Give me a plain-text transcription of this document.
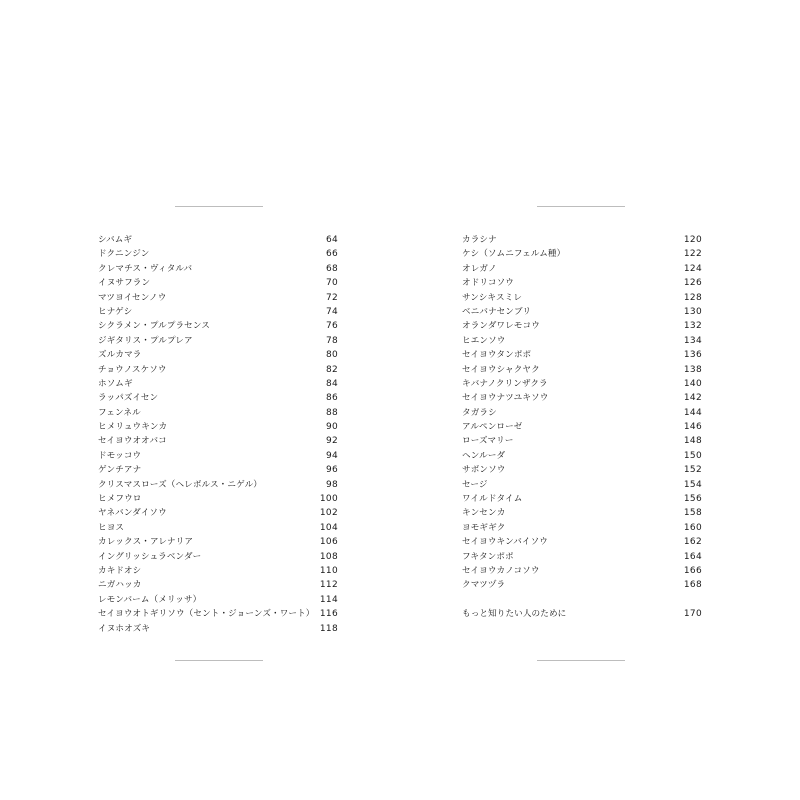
シバムギ	64
ドクニンジン	66
クレマチス・ヴィタルバ	68
イヌサフラン	70
マツヨイセンノウ	72
ヒナゲシ	74
シクラメン・プルプラセンス	76
ジギタリス・プルプレア	78
ズルカマラ	80
チョウノスケソウ	82
ホソムギ	84
ラッパズイセン	86
フェンネル	88
ヒメリュウキンカ	90
セイヨウオオバコ	92
ドモッコウ	94
ゲンチアナ	96
クリスマスローズ（ヘレボルス・ニゲル）	98
ヒメフウロ	100
ヤネバンダイソウ	102
ヒヨス	104
カレックス・アレナリア	106
イングリッシュラベンダー	108
カキドオシ	110
ニガハッカ	112
レモンバーム（メリッサ）	114
セイヨウオトギリソウ（セント・ジョーンズ・ワート） 116
イヌホオズキ	118
カラシナ	120
ケシ（ソムニフェルム種）	122
オレガノ	124
オドリコソウ	126
サンシキスミレ	128
ベニバナセンブリ	130
オランダワレモコウ	132
ヒエンソウ	134
セイヨウタンポポ	136
セイヨウシャクヤク	138
キバナノクリンザクラ	140
セイヨウナツユキソウ	142
タガラシ	144
アルペンローゼ	146
ローズマリー	148
ヘンルーダ	150
サボンソウ	152
セージ	154
ワイルドタイム	156
キンセンカ	158
ヨモギギク	160
セイヨウキンバイソウ	162
フキタンポポ	164
セイヨウカノコソウ	166
クマツヅラ	168
もっと知りたい人のために	170
